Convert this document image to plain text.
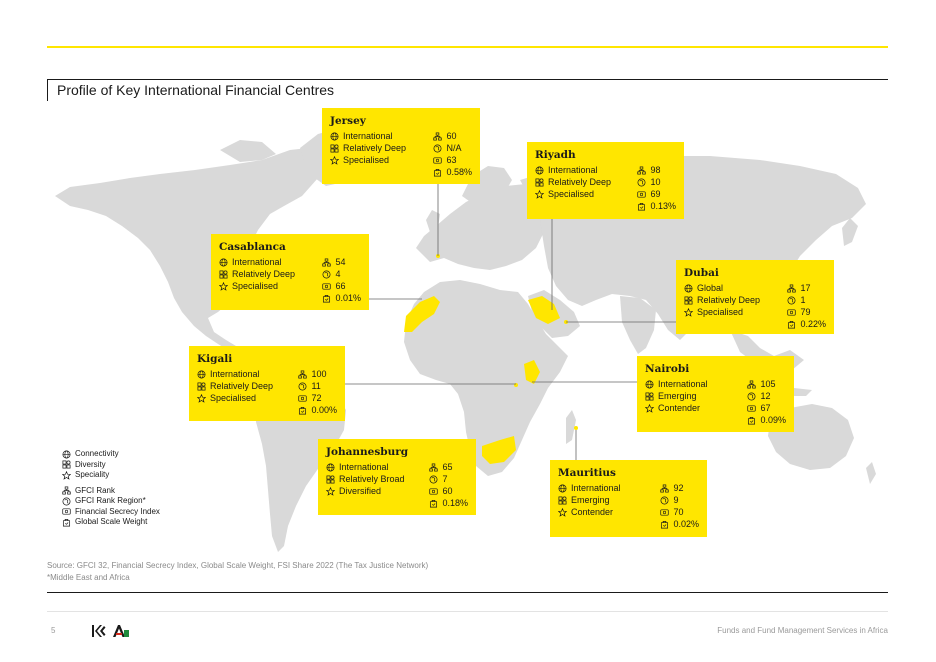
Profile of Key International Financial Centres
Jersey
International
Relatively Deep
Specialised
60
N/A
63
0.58%
Riyadh
International
Relatively Deep
Specialised
98
10
69
0.13%
Casablanca
International
Relatively Deep
Specialised
54
4
66
0.01%
Dubai
Global
Relatively Deep
Specialised
17
1
79
0.22%
Kigali
International
Relatively Deep
Specialised
100
11
72
0.00%
Nairobi
International
Emerging
Contender
105
12
67
0.09%
Johannesburg
International
Relatively Broad
Diversified
65
7
60
0.18%
Mauritius
International
Emerging
Contender
92
9
70
0.02%
Connectivity
Diversity
Speciality
GFCI Rank
GFCI Rank Region*
Financial Secrecy Index
Global Scale Weight
Source: GFCI 32, Financial Secrecy Index, Global Scale Weight, FSI Share 2022 (The Tax Justice Network)
*Middle East and Africa
5	Funds and Fund Management Services in Africa
